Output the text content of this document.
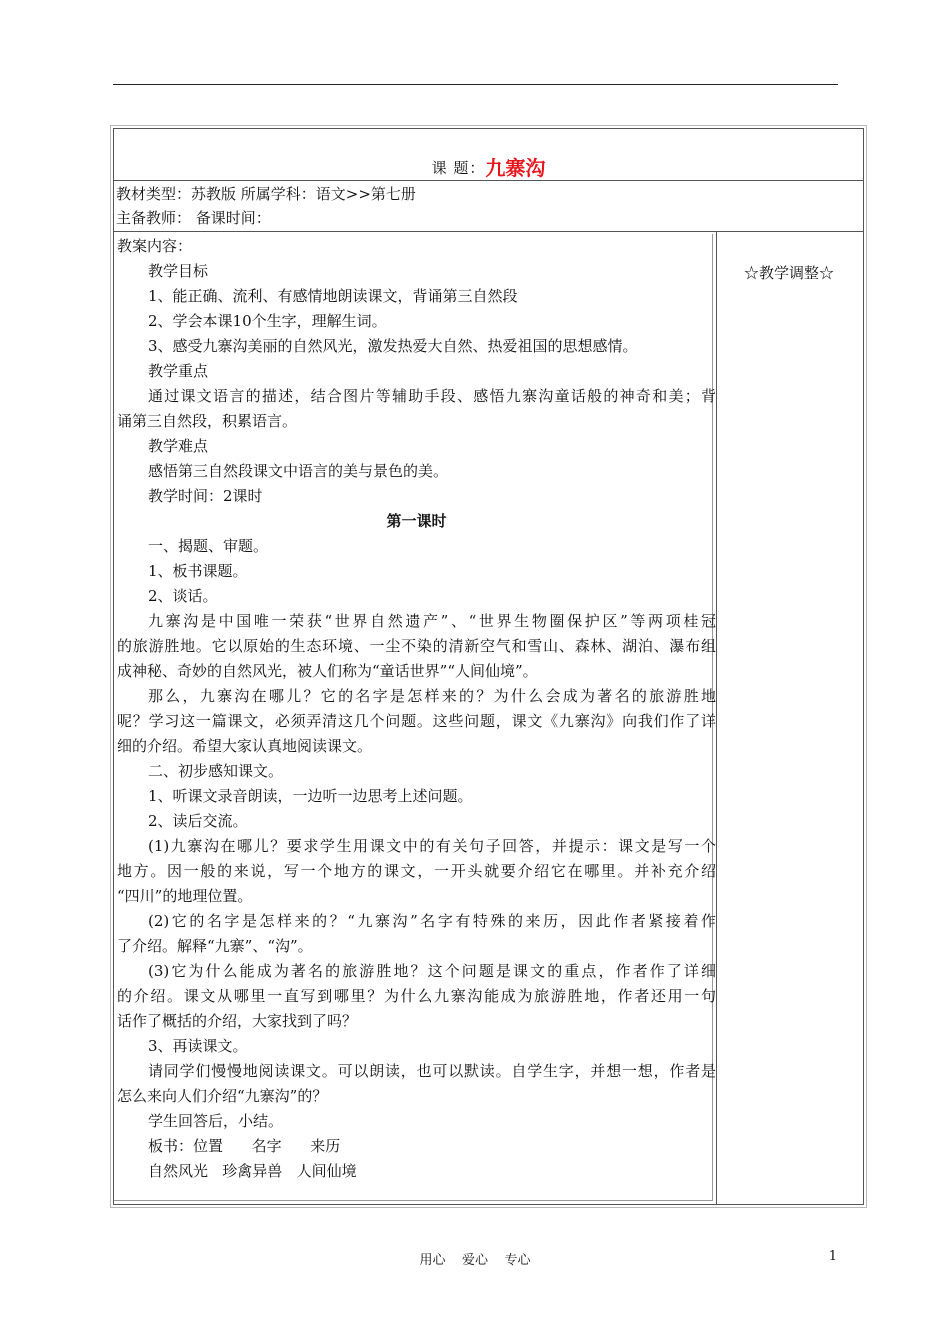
课 题：九寨沟
教材类型：苏教版 所属学科：语文>>第七册
主备教师： 备课时间：
☆教学调整☆
教案内容：
教学目标
1、能正确、流利、有感情地朗读课文，背诵第三自然段
2、学会本课10个生字，理解生词。
3、感受九寨沟美丽的自然风光，激发热爱大自然、热爱祖国的思想感情。
教学重点
通过课文语言的描述，结合图片等辅助手段、感悟九寨沟童话般的神奇和美；背
诵第三自然段，积累语言。
教学难点
感悟第三自然段课文中语言的美与景色的美。
教学时间：2课时
第一课时
一、揭题、审题。
1、板书课题。
2、谈话。
九寨沟是中国唯一荣获“世界自然遗产”、“世界生物圈保护区”等两项桂冠
的旅游胜地。它以原始的生态环境、一尘不染的清新空气和雪山、森林、湖泊、瀑布组
成神秘、奇妙的自然风光，被人们称为“童话世界”“人间仙境”。
那么，九寨沟在哪儿？它的名字是怎样来的？为什么会成为著名的旅游胜地
呢？学习这一篇课文，必须弄清这几个问题。这些问题，课文《九寨沟》向我们作了详
细的介绍。希望大家认真地阅读课文。
二、初步感知课文。
1、听课文录音朗读，一边听一边思考上述问题。
2、读后交流。
(1)九寨沟在哪儿？要求学生用课文中的有关句子回答，并提示：课文是写一个
地方。因一般的来说，写一个地方的课文，一开头就要介绍它在哪里。并补充介绍
“四川”的地理位置。
(2)它的名字是怎样来的？“九寨沟”名字有特殊的来历，因此作者紧接着作
了介绍。解释“九寨”、“沟”。
(3)它为什么能成为著名的旅游胜地？这个问题是课文的重点，作者作了详细
的介绍。课文从哪里一直写到哪里？为什么九寨沟能成为旅游胜地，作者还用一句
话作了概括的介绍，大家找到了吗？
3、再读课文。
请同学们慢慢地阅读课文。可以朗读，也可以默读。自学生字，并想一想，作者是
怎么来向人们介绍“九寨沟”的？
学生回答后，小结。
板书：位置      名字      来历
自然风光   珍禽异兽   人间仙境
用心    爱心    专心	1
